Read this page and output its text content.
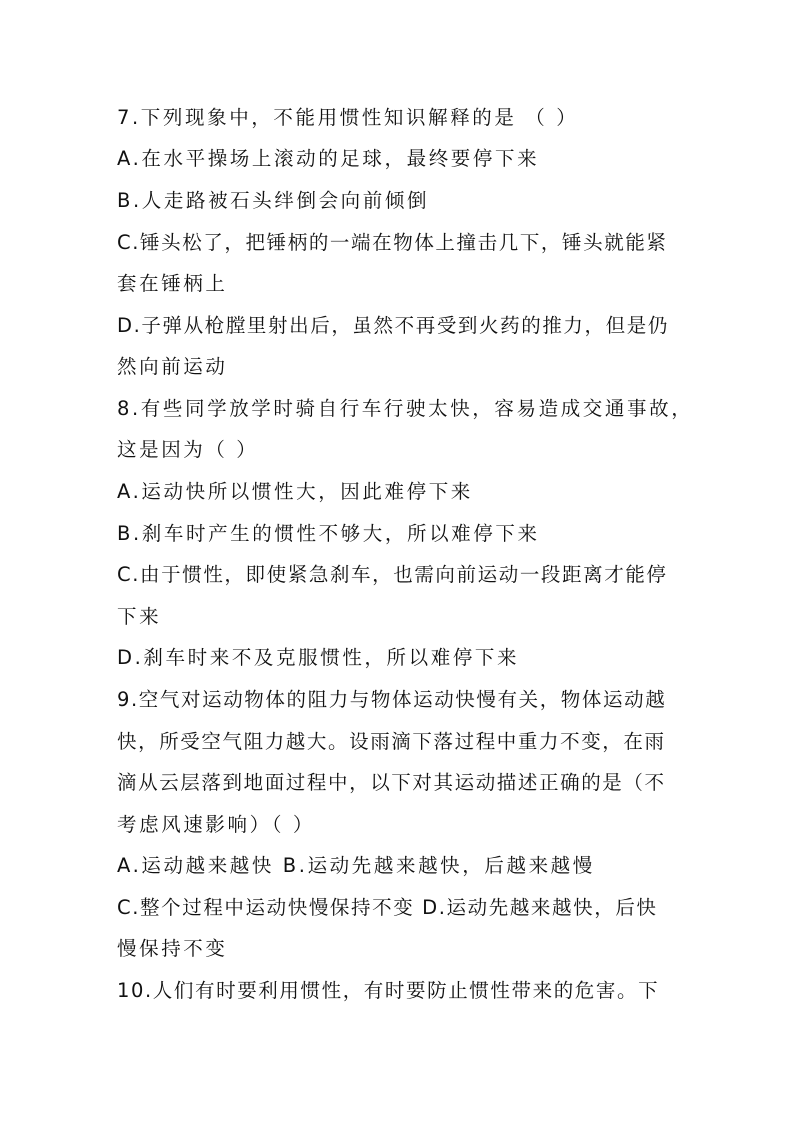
7.下列现象中，不能用惯性知识解释的是 （ ）
A.在水平操场上滚动的足球，最终要停下来
B.人走路被石头绊倒会向前倾倒
C.锤头松了，把锤柄的一端在物体上撞击几下，锤头就能紧
套在锤柄上
D.子弹从枪膛里射出后，虽然不再受到火药的推力，但是仍
然向前运动
8.有些同学放学时骑自行车行驶太快，容易造成交通事故，
这是因为（ ）
A.运动快所以惯性大，因此难停下来
B.刹车时产生的惯性不够大，所以难停下来
C.由于惯性，即使紧急刹车，也需向前运动一段距离才能停
下来
D.刹车时来不及克服惯性，所以难停下来
9.空气对运动物体的阻力与物体运动快慢有关，物体运动越
快，所受空气阻力越大。设雨滴下落过程中重力不变，在雨
滴从云层落到地面过程中，以下对其运动描述正确的是（不
考虑风速影响）（ ）
A.运动越来越快 B.运动先越来越快，后越来越慢
C.整个过程中运动快慢保持不变 D.运动先越来越快，后快
慢保持不变
10.人们有时要利用惯性，有时要防止惯性带来的危害。下
